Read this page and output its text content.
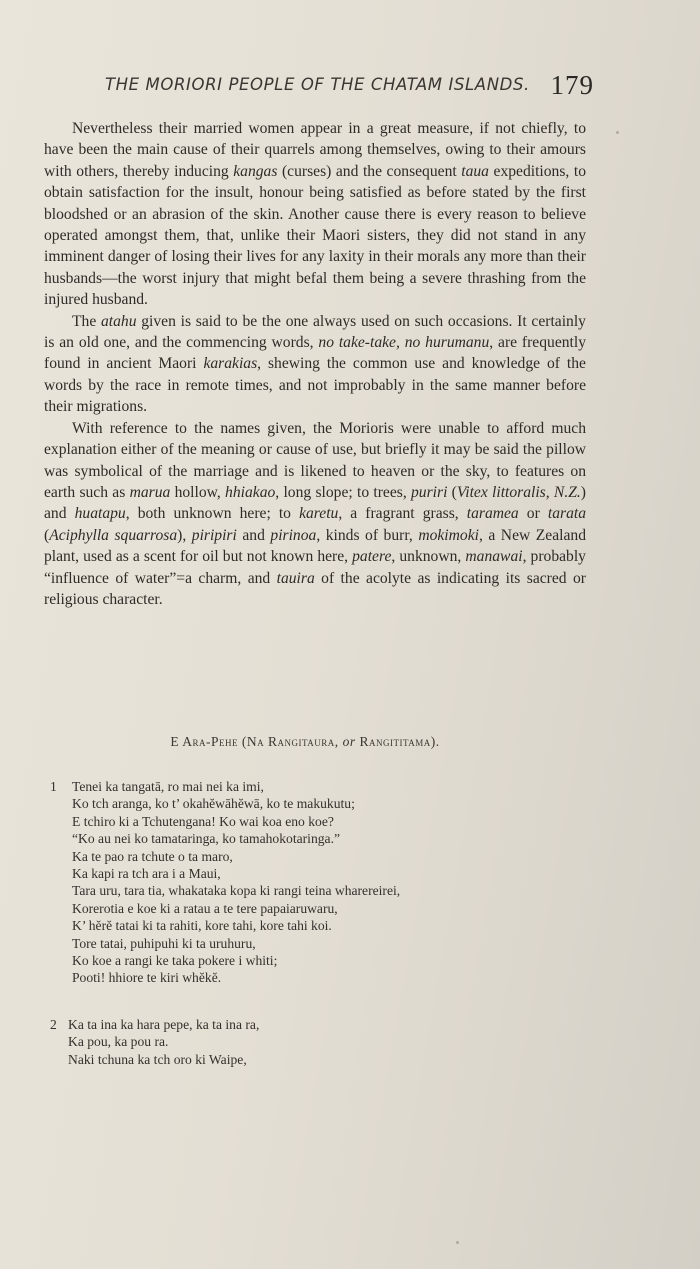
THE MORIORI PEOPLE OF THE CHATAM ISLANDS. 179

Nevertheless their married women appear in a great measure, if not chiefly, to have been the main cause of their quarrels among themselves, owing to their amours with others, thereby inducing kangas (curses) and the consequent taua expeditions, to obtain satisfaction for the insult, honour being satisfied as before stated by the first bloodshed or an abrasion of the skin. Another cause there is every reason to believe operated amongst them, that, unlike their Maori sisters, they did not stand in any imminent danger of losing their lives for any laxity in their morals any more than their husbands—the worst injury that might befal them being a severe thrashing from the injured husband.

The atahu given is said to be the one always used on such occasions. It certainly is an old one, and the commencing words, no take-take, no hurumanu, are frequently found in ancient Maori karakias, shewing the common use and knowledge of the words by the race in remote times, and not improbably in the same manner before their migrations.

With reference to the names given, the Morioris were unable to afford much explanation either of the meaning or cause of use, but briefly it may be said the pillow was symbolical of the marriage and is likened to heaven or the sky, to features on earth such as marua hollow, hhiakao, long slope; to trees, puriri (Vitex littoralis, N.Z.) and huatapu, both unknown here; to karetu, a fragrant grass, taramea or tarata (Aciphylla squarrosa), piripiri and pirinoa, kinds of burr, mokimoki, a New Zealand plant, used as a scent for oil but not known here, patere, unknown, manawai, probably “influence of water”=a charm, and tauira of the acolyte as indicating its sacred or religious character.

E Ara-Pehe (Na Rangitaura, or Rangititama).
1 Tenei ka tangatā, ro mai nei ka imi,
Ko tch aranga, ko t’ okahĕwāhĕwā, ko te makukutu;
E tchiro ki a Tchutengana! Ko wai koa eno koe?
“Ko au nei ko tamataringa, ko tamahokotaringa.”
Ka te pao ra tchute o ta maro,
Ka kapi ra tch ara i a Maui,
Tara uru, tara tia, whakataka kopa ki rangi teina wharereirei,
Korerotia e koe ki a ratau a te tere papaiaruwaru,
K’ hĕrĕ tatai ki ta rahiti, kore tahi, kore tahi koi.
Tore tatai, puhipuhi ki ta uruhuru,
Ko koe a rangi ke taka pokere i whiti;
Pooti! hhiore te kiri whĕkĕ.
2 Ka ta ina ka hara pepe, ka ta ina ra,
Ka pou, ka pou ra.
Naki tchuna ka tch oro ki Waipe,
